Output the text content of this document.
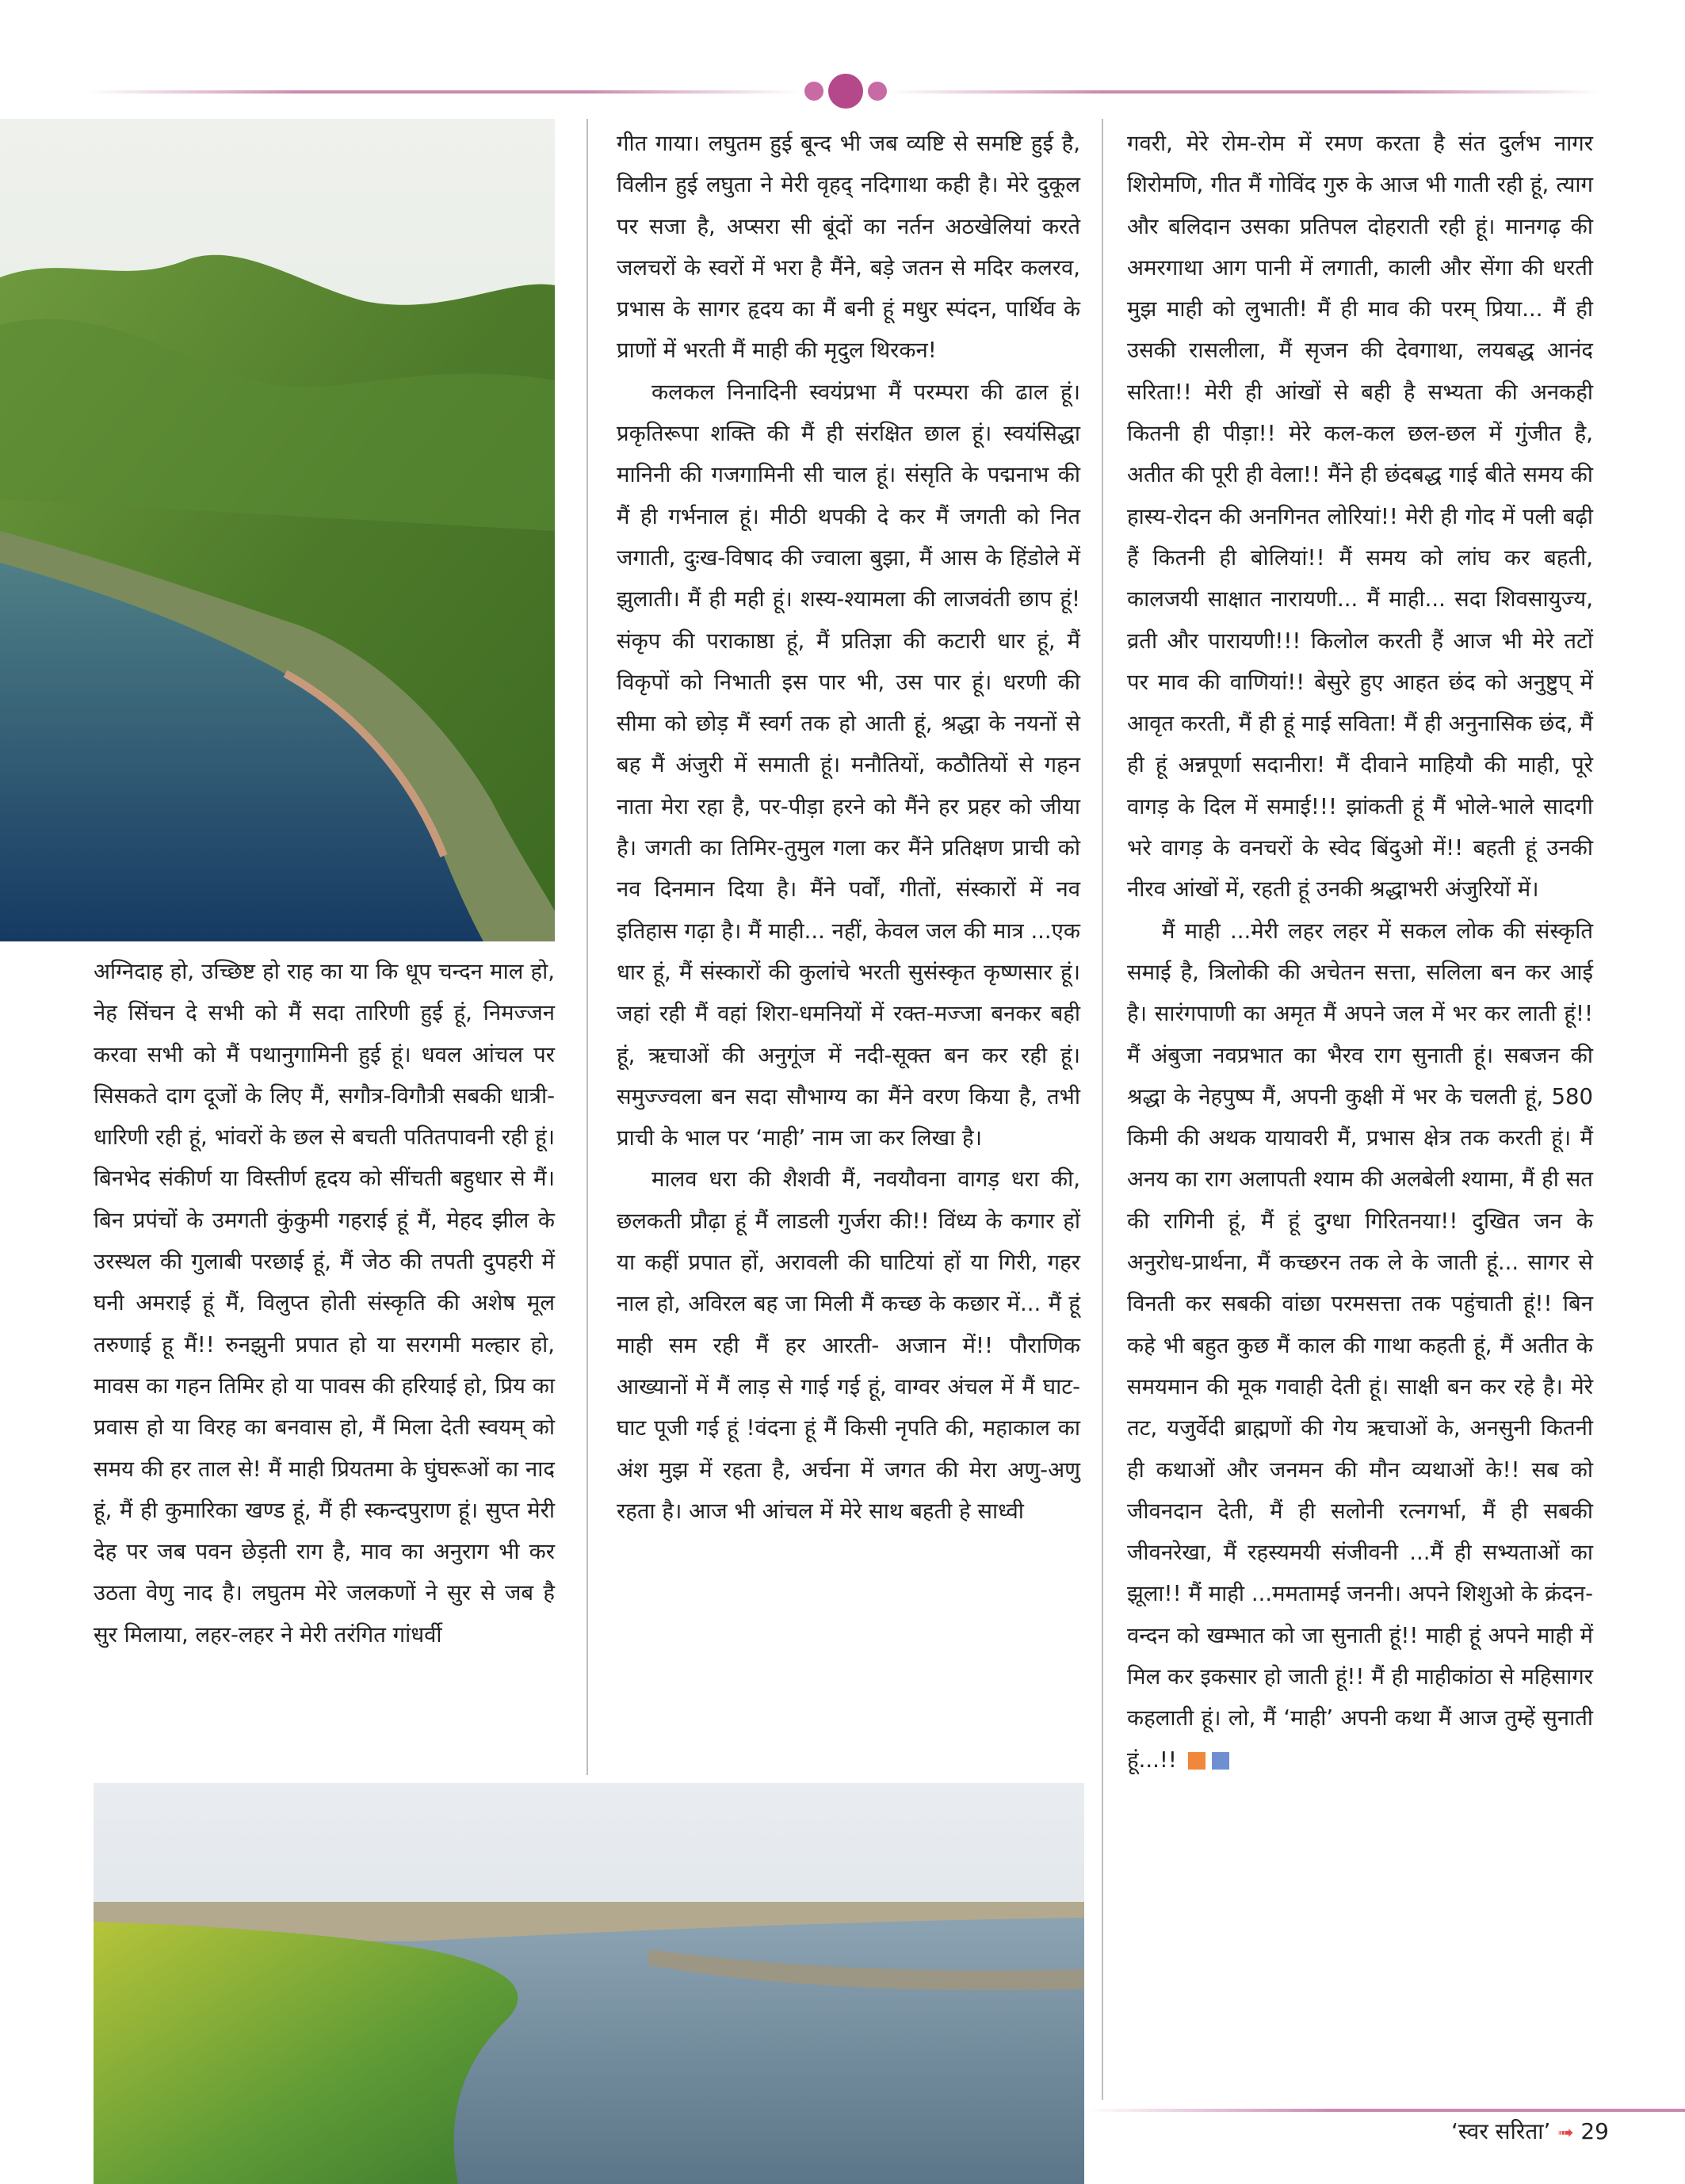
अग्निदाह हो, उच्छिष्ट हो राह का या कि धूप चन्दन माल हो, नेह सिंचन दे सभी को मैं सदा तारिणी हुई हूं, निमज्जन करवा सभी को मैं पथानुगामिनी हुई हूं। धवल आंचल पर सिसकते दाग दूजों के लिए मैं, सगौत्र-विगौत्री सबकी धात्री-धारिणी रही हूं, भांवरों के छल से बचती पतितपावनी रही हूं। बिनभेद संकीर्ण या विस्तीर्ण हृदय को सींचती बहुधार से मैं। बिन प्रपंचों के उमगती कुंकुमी गहराई हूं मैं, मेहद झील के उरस्थल की गुलाबी परछाई हूं, मैं जेठ की तपती दुपहरी में घनी अमराई हूं मैं, विलुप्त होती संस्कृति की अशेष मूल तरुणाई हू मैं!! रुनझुनी प्रपात हो या सरगमी मल्हार हो, मावस का गहन तिमिर हो या पावस की हरियाई हो, प्रिय का प्रवास हो या विरह का बनवास हो, मैं मिला देती स्वयम् को समय की हर ताल से! मैं माही प्रियतमा के घुंघरूओं का नाद हूं, मैं ही कुमारिका खण्ड हूं, मैं ही स्कन्दपुराण हूं। सुप्त मेरी देह पर जब पवन छेड़ती राग है, माव का अनुराग भी कर उठता वेणु नाद है। लघुतम मेरे जलकणों ने सुर से जब है सुर मिलाया, लहर-लहर ने मेरी तरंगित गांधर्वी

गीत गाया। लघुतम हुई बून्द भी जब व्यष्टि से समष्टि हुई है, विलीन हुई लघुता ने मेरी वृहद् नदिगाथा कही है। मेरे दुकूल पर सजा है, अप्सरा सी बूंदों का नर्तन अठखेलियां करते जलचरों के स्वरों में भरा है मैंने, बड़े जतन से मदिर कलरव, प्रभास के सागर हृदय का मैं बनी हूं मधुर स्पंदन, पार्थिव के प्राणों में भरती मैं माही की मृदुल थिरकन!

कलकल निनादिनी स्वयंप्रभा मैं परम्परा की ढाल हूं। प्रकृतिरूपा शक्ति की मैं ही संरक्षित छाल हूं। स्वयंसिद्धा मानिनी की गजगामिनी सी चाल हूं। संसृति के पद्मनाभ की मैं ही गर्भनाल हूं। मीठी थपकी दे कर मैं जगती को नित जगाती, दुःख-विषाद की ज्वाला बुझा, मैं आस के हिंडोले में झुलाती। मैं ही मही हूं। शस्य-श्यामला की लाजवंती छाप हूं! संकृप की पराकाष्ठा हूं, मैं प्रतिज्ञा की कटारी धार हूं, मैं विकृपों को निभाती इस पार भी, उस पार हूं। धरणी की सीमा को छोड़ मैं स्वर्ग तक हो आती हूं, श्रद्धा के नयनों से बह मैं अंजुरी में समाती हूं। मनौतियों, कठौतियों से गहन नाता मेरा रहा है, पर-पीड़ा हरने को मैंने हर प्रहर को जीया है। जगती का तिमिर-तुमुल गला कर मैंने प्रतिक्षण प्राची को नव दिनमान दिया है। मैंने पर्वों, गीतों, संस्कारों में नव इतिहास गढ़ा है। मैं माही... नहीं, केवल जल की मात्र ...एक धार हूं, मैं संस्कारों की कुलांचे भरती सुसंस्कृत कृष्णसार हूं। जहां रही मैं वहां शिरा-धमनियों में रक्त-मज्जा बनकर बही हूं, ऋचाओं की अनुगूंज में नदी-सूक्त बन कर रही हूं। समुज्ज्वला बन सदा सौभाग्य का मैंने वरण किया है, तभी प्राची के भाल पर ‘माही’ नाम जा कर लिखा है।

मालव धरा की शैशवी मैं, नवयौवना वागड़ धरा की, छलकती प्रौढ़ा हूं मैं लाडली गुर्जरा की!! विंध्य के कगार हों या कहीं प्रपात हों, अरावली की घाटियां हों या गिरी, गहर नाल हो, अविरल बह जा मिली मैं कच्छ के कछार में... मैं हूं माही सम रही मैं हर आरती- अजान में!! पौराणिक आख्यानों में मैं लाड़ से गाई गई हूं, वाग्वर अंचल में मैं घाट-घाट पूजी गई हूं !वंदना हूं मैं किसी नृपति की, महाकाल का अंश मुझ में रहता है, अर्चना में जगत की मेरा अणु-अणु रहता है। आज भी आंचल में मेरे साथ बहती हे साध्वी

गवरी, मेरे रोम-रोम में रमण करता है संत दुर्लभ नागर शिरोमणि, गीत मैं गोविंद गुरु के आज भी गाती रही हूं, त्याग और बलिदान उसका प्रतिपल दोहराती रही हूं। मानगढ़ की अमरगाथा आग पानी में लगाती, काली और सेंगा की धरती मुझ माही को लुभाती! मैं ही माव की परम् प्रिया... मैं ही उसकी रासलीला, मैं सृजन की देवगाथा, लयबद्ध आनंद सरिता!! मेरी ही आंखों से बही है सभ्यता की अनकही कितनी ही पीड़ा!! मेरे कल-कल छल-छल में गुंजीत है, अतीत की पूरी ही वेला!! मैंने ही छंदबद्ध गाई बीते समय की हास्य-रोदन की अनगिनत लोरियां!! मेरी ही गोद में पली बढ़ी हैं कितनी ही बोलियां!! मैं समय को लांघ कर बहती, कालजयी साक्षात नारायणी... मैं माही... सदा शिवसायुज्य, व्रती और पारायणी!!! किलोल करती हैं आज भी मेरे तटों पर माव की वाणियां!! बेसुरे हुए आहत छंद को अनुष्टुप् में आवृत करती, मैं ही हूं माई सविता! मैं ही अनुनासिक छंद, मैं ही हूं अन्नपूर्णा सदानीरा! मैं दीवाने माहियौ की माही, पूरे वागड़ के दिल में समाई!!! झांकती हूं मैं भोले-भाले सादगी भरे वागड़ के वनचरों के स्वेद बिंदुओ में!! बहती हूं उनकी नीरव आंखों में, रहती हूं उनकी श्रद्धाभरी अंजुरियों में।

मैं माही ...मेरी लहर लहर में सकल लोक की संस्कृति समाई है, त्रिलोकी की अचेतन सत्ता, सलिला बन कर आई है। सारंगपाणी का अमृत मैं अपने जल में भर कर लाती हूं!! मैं अंबुजा नवप्रभात का भैरव राग सुनाती हूं। सबजन की श्रद्धा के नेहपुष्प मैं, अपनी कुक्षी में भर के चलती हूं, 580 किमी की अथक यायावरी मैं, प्रभास क्षेत्र तक करती हूं। मैं अनय का राग अलापती श्याम की अलबेली श्यामा, मैं ही सत की रागिनी हूं, मैं हूं दुग्धा गिरितनया!! दुखित जन के अनुरोध-प्रार्थना, मैं कच्छरन तक ले के जाती हूं... सागर से विनती कर सबकी वांछा परमसत्ता तक पहुंचाती हूं!! बिन कहे भी बहुत कुछ मैं काल की गाथा कहती हूं, मैं अतीत के समयमान की मूक गवाही देती हूं। साक्षी बन कर रहे है। मेरे तट, यजुर्वेदी ब्राह्मणों की गेय ऋचाओं के, अनसुनी कितनी ही कथाओं और जनमन की मौन व्यथाओं के!! सब को जीवनदान देती, मैं ही सलोनी रत्नगर्भा, मैं ही सबकी जीवनरेखा, मैं रहस्यमयी संजीवनी ...मैं ही सभ्यताओं का झूला!! मैं माही ...ममतामई जननी। अपने शिशुओ के क्रंदन-वन्दन को खम्भात को जा सुनाती हूं!! माही हूं अपने माही में मिल कर इकसार हो जाती हूं!! मैं ही माहीकांठा से महिसागर कहलाती हूं। लो, मैं ‘माही’ अपनी कथा मैं आज तुम्हें सुनाती हूं...!!

‘स्वर सरिता’ ➟ 29
